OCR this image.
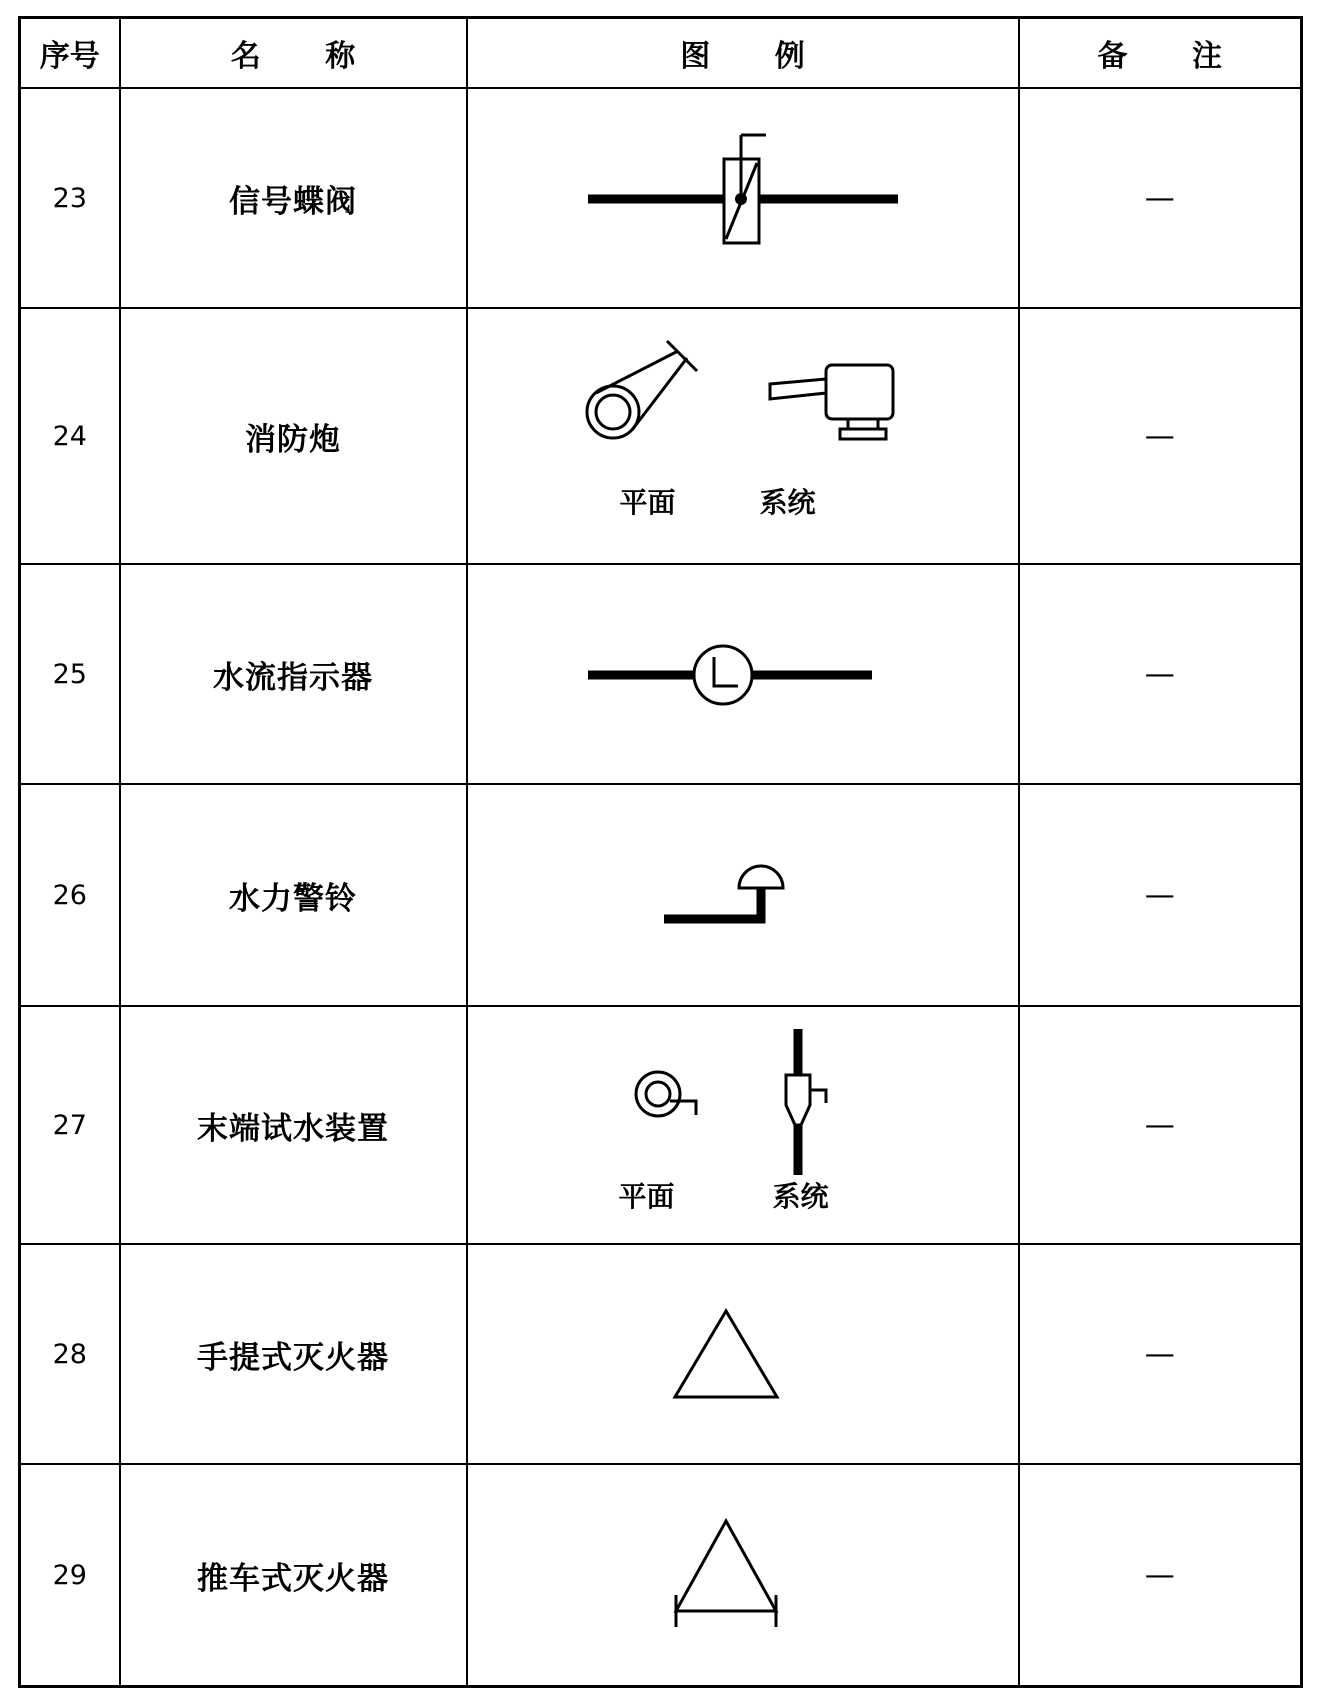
序号	名 称	图 例	备 注
23	信号蝶阀		—
24	消防炮	平面 系统	—
25	水流指示器		—
26	水力警铃		—
27	末端试水装置	平面 系统	—
28	手提式灭火器		—
29	推车式灭火器		—
